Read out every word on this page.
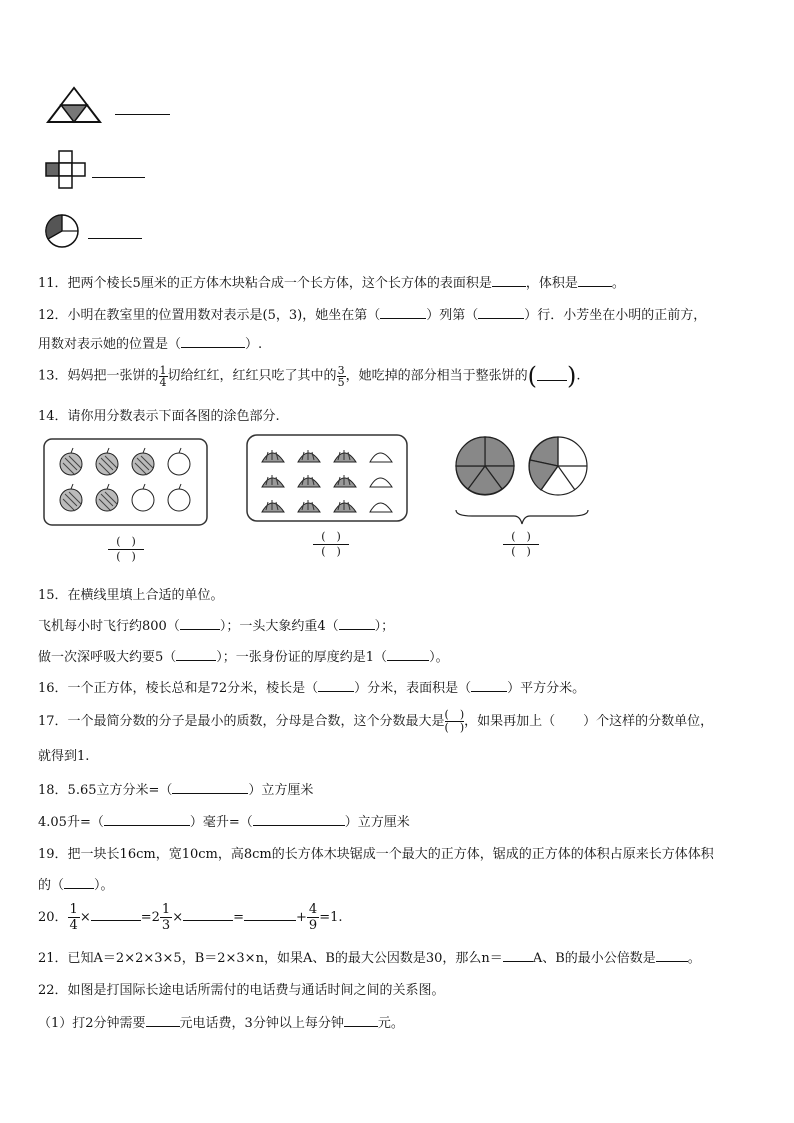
11．把两个棱长5厘米的正方体木块粘合成一个长方体，这个长方体的表面积是	，体积是	。
12．小明在教室里的位置用数对表示是(5，3)，她坐在第（	）列第（	）行．小芳坐在小明的正前方，
用数对表示她的位置是（	）.
13．妈妈把一张饼的 $\frac{1}{4}$ 切给红红，红红只吃了其中的 $\frac{3}{5}$ ，她吃掉的部分相当于整张饼的( ).
14．请你用分数表示下面各图的涂色部分.
(　)
(　)
(　)
(　)
(　)
(　)
15．在横线里填上合适的单位。
飞机每小时飞行约800（	）；一头大象约重4（	）；
做一次深呼吸大约要5（	）；一张身份证的厚度约是1（	）。
16．一个正方体，棱长总和是72分米，棱长是（	）分米，表面积是（	）平方分米。
17．一个最简分数的分子是最小的质数，分母是合数，这个分数最大是 (　)
(　)，如果再加上（ ）个这样的分数单位，
就得到1.
18．5.65立方分米=（	）立方厘米
4.05升=（	）毫升=（	）立方厘米
19．把一块长16cm，宽10cm，高8cm的长方体木块锯成一个最大的正方体，锯成的正方体的体积占原来长方体体积
的（ ）。
20． $\frac{1}{4}\times$	$=2 \frac{1}{3}\times$	=	+ $\frac{4}{9}=1$.
21．已知A＝2×2×3×5，B＝2×3×n，如果A、B的最大公因数是30，那么n＝ A、B的最小公倍数是 。
22．如图是打国际长途电话所需付的电话费与通话时间之间的关系图。
（1）打2分钟需要	元电话费，3分钟以上每分钟	元。
